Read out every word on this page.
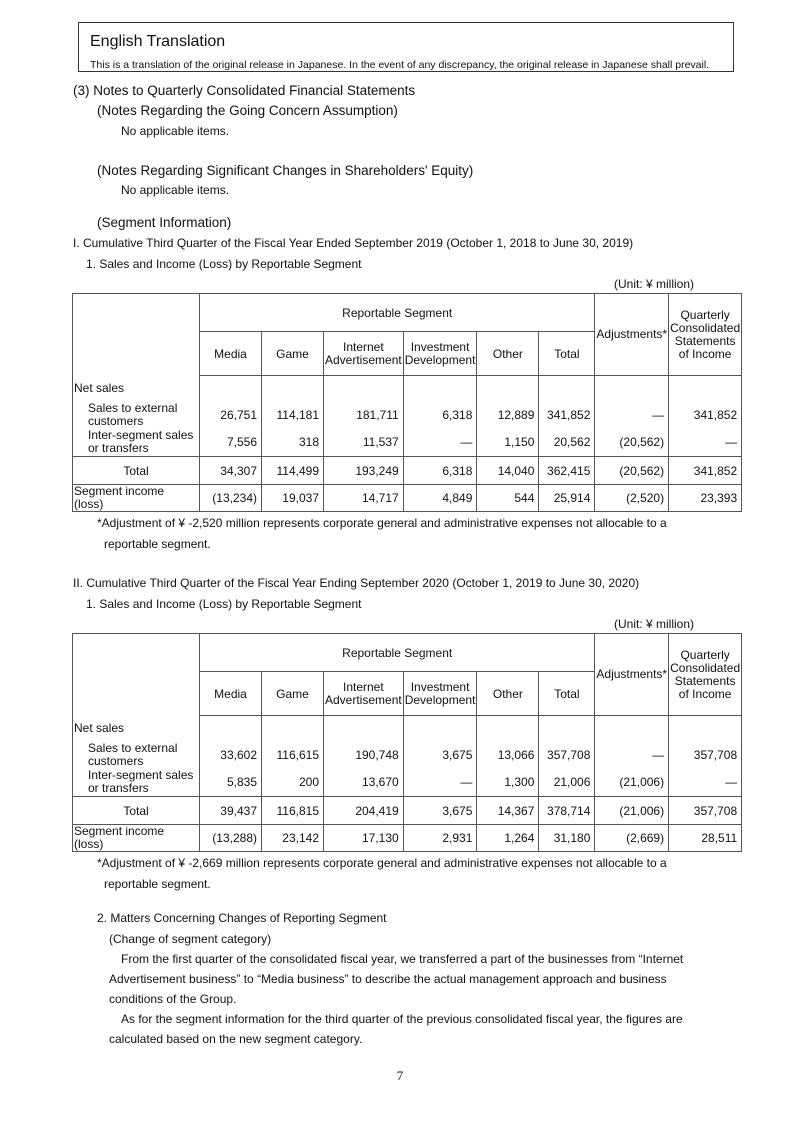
English Translation
This is a translation of the original release in Japanese. In the event of any discrepancy, the original release in Japanese shall prevail.
(3) Notes to Quarterly Consolidated Financial Statements
(Notes Regarding the Going Concern Assumption)
No applicable items.
(Notes Regarding Significant Changes in Shareholders' Equity)
No applicable items.
(Segment Information)
I. Cumulative Third Quarter of the Fiscal Year Ended September 2019 (October 1, 2018 to June 30, 2019)
1. Sales and Income (Loss) by Reportable Segment
(Unit: ¥ million)
	Reportable Segment						Adjustments*	Quarterly Consolidated Statements of Income
	Media	Game	Internet Advertisement	Investment Development	Other	Total		
Net sales								
Sales to external customers	26,751	114,181	181,711	6,318	12,889	341,852	—	341,852
Inter-segment sales or transfers	7,556	318	11,537	—	1,150	20,562	(20,562)	—
Total	34,307	114,499	193,249	6,318	14,040	362,415	(20,562)	341,852
Segment income (loss)	(13,234)	19,037	14,717	4,849	544	25,914	(2,520)	23,393
*Adjustment of ¥ -2,520 million represents corporate general and administrative expenses not allocable to a
reportable segment.
II. Cumulative Third Quarter of the Fiscal Year Ending September 2020 (October 1, 2019 to June 30, 2020)
1. Sales and Income (Loss) by Reportable Segment
(Unit: ¥ million)
	Reportable Segment						Adjustments*	Quarterly Consolidated Statements of Income
	Media	Game	Internet Advertisement	Investment Development	Other	Total		
Net sales								
Sales to external customers	33,602	116,615	190,748	3,675	13,066	357,708	—	357,708
Inter-segment sales or transfers	5,835	200	13,670	—	1,300	21,006	(21,006)	—
Total	39,437	116,815	204,419	3,675	14,367	378,714	(21,006)	357,708
Segment income (loss)	(13,288)	23,142	17,130	2,931	1,264	31,180	(2,669)	28,511
*Adjustment of ¥ -2,669 million represents corporate general and administrative expenses not allocable to a
reportable segment.
2. Matters Concerning Changes of Reporting Segment
(Change of segment category)
From the first quarter of the consolidated fiscal year, we transferred a part of the businesses from “Internet
Advertisement business” to “Media business” to describe the actual management approach and business
conditions of the Group.
As for the segment information for the third quarter of the previous consolidated fiscal year, the figures are
calculated based on the new segment category.
7
